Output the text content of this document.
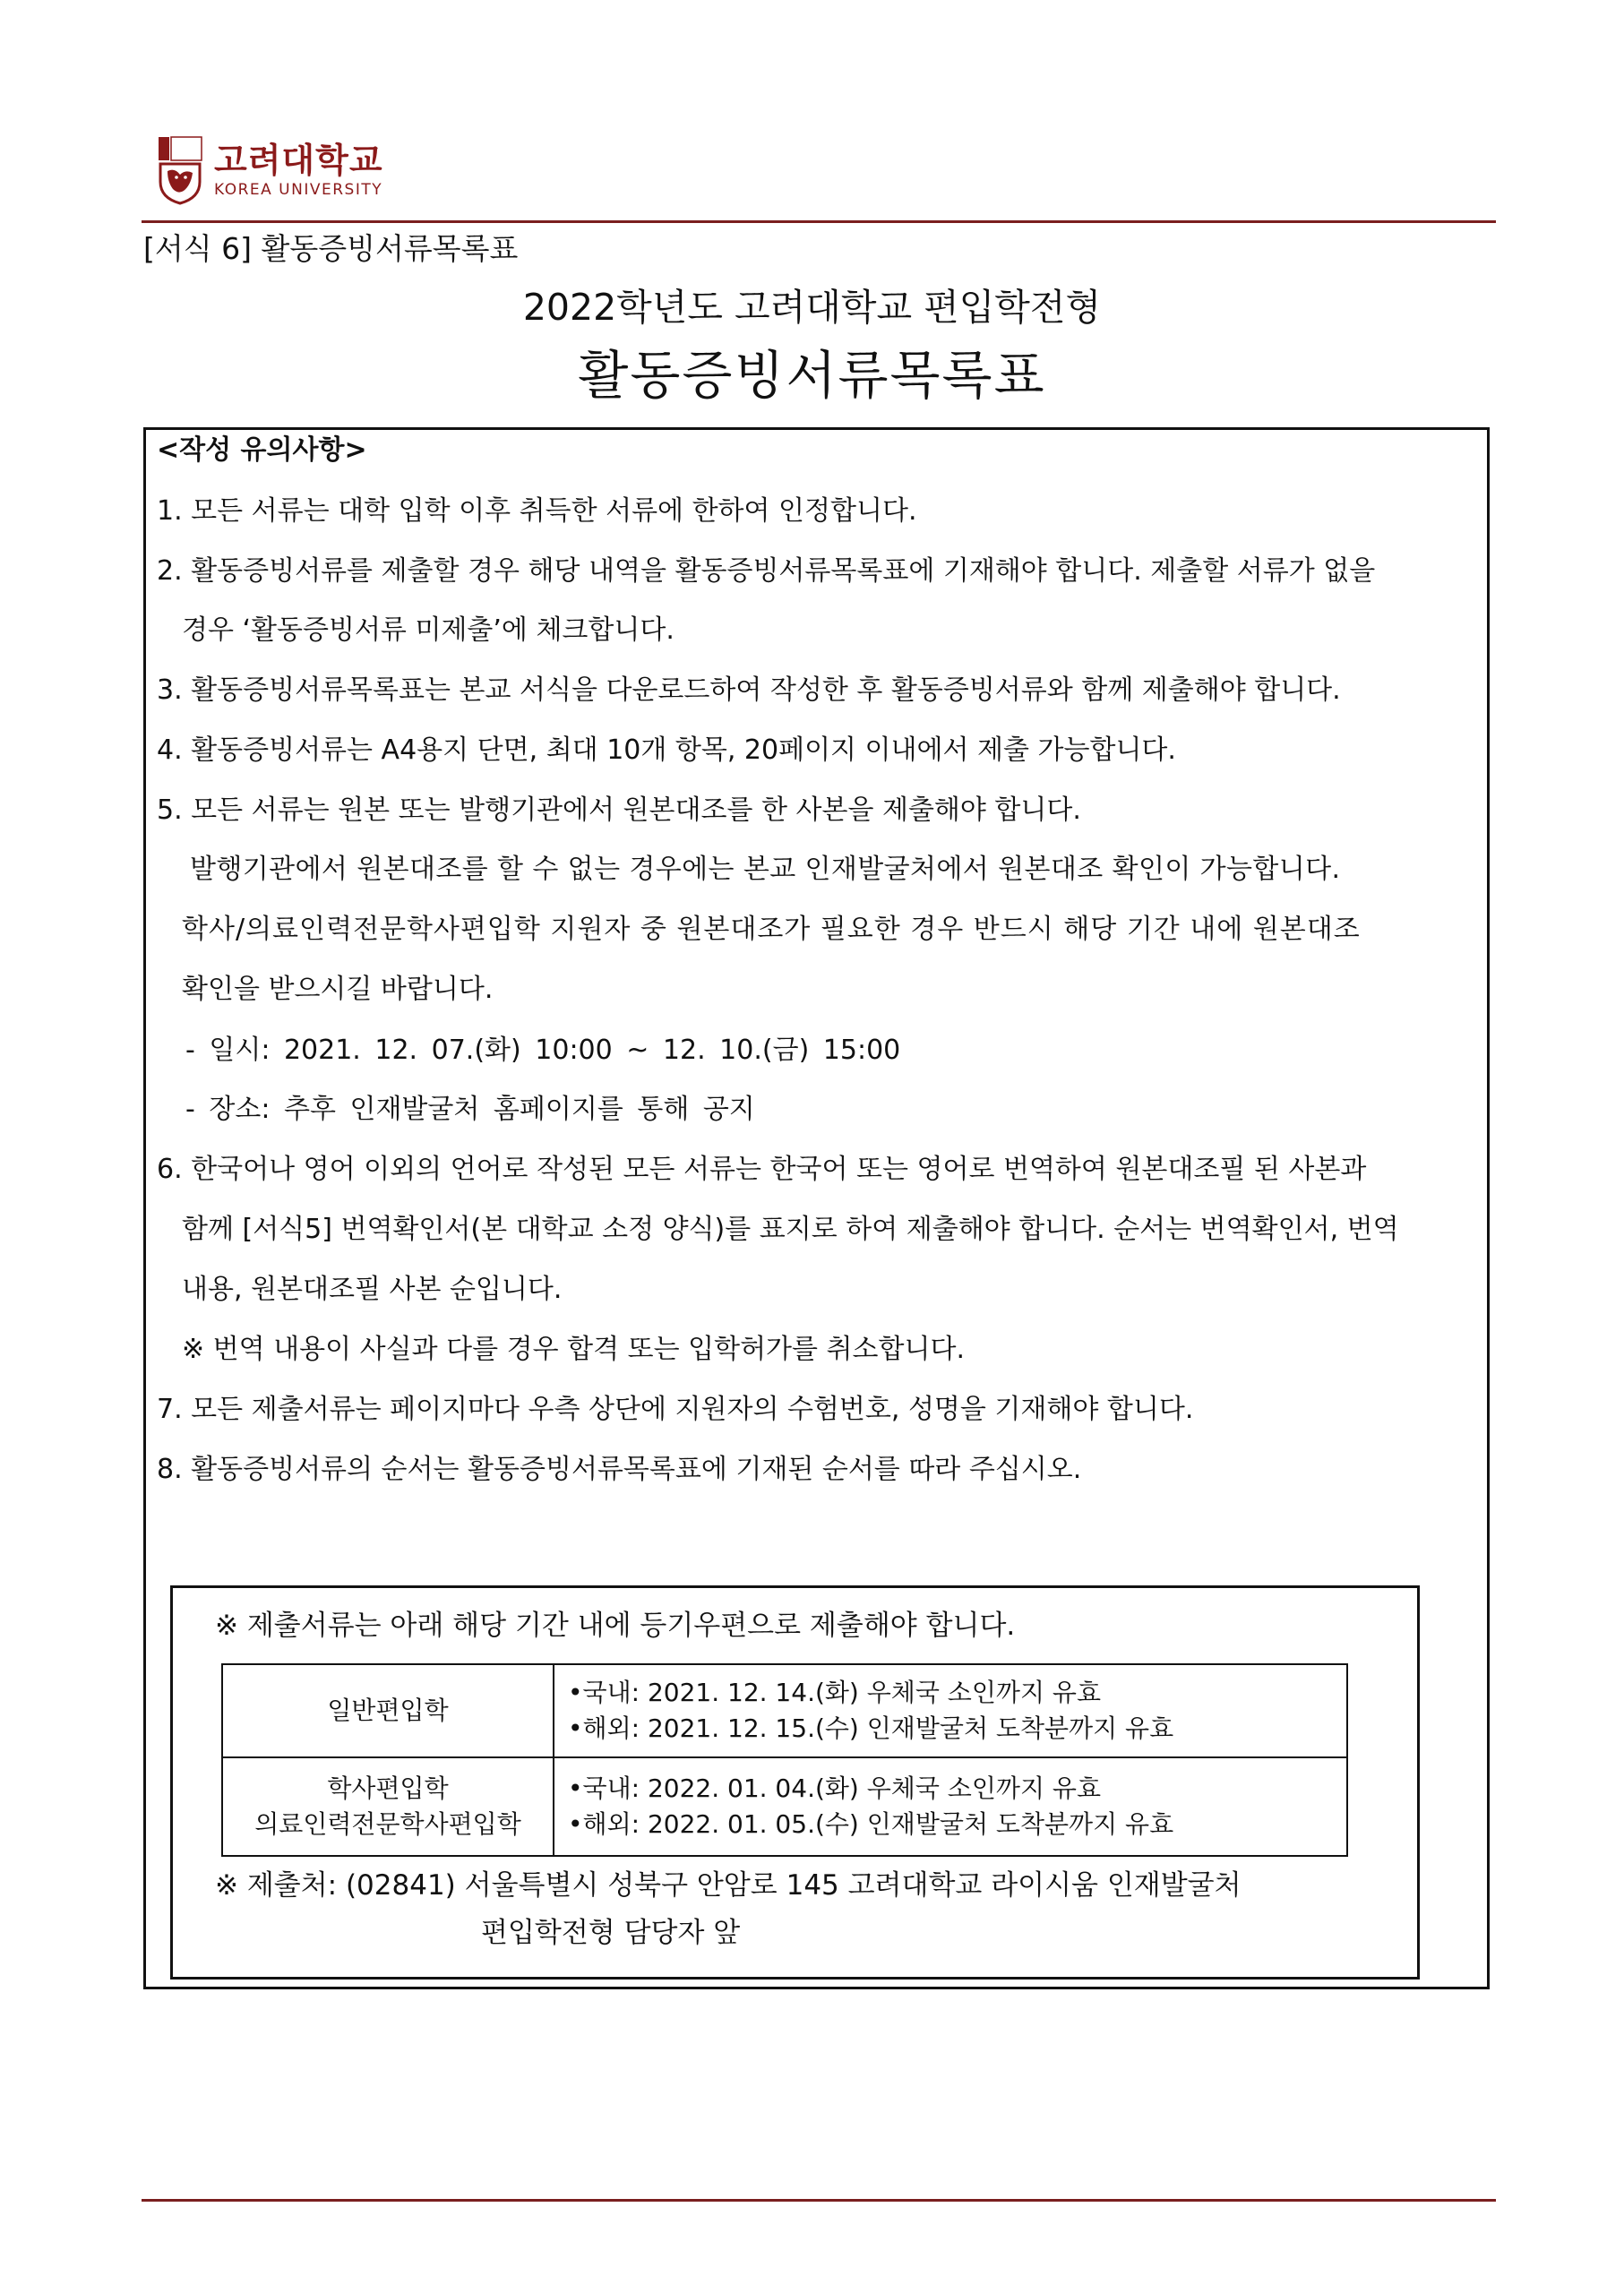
고려대학교
KOREA UNIVERSITY
[서식 6] 활동증빙서류목록표
2022학년도 고려대학교 편입학전형
활동증빙서류목록표
<작성 유의사항>
1. 모든 서류는 대학 입학 이후 취득한 서류에 한하여 인정합니다.
2. 활동증빙서류를 제출할 경우 해당 내역을 활동증빙서류목록표에 기재해야 합니다. 제출할 서류가 없을
경우 ‘활동증빙서류 미제출’에 체크합니다.
3. 활동증빙서류목록표는 본교 서식을 다운로드하여 작성한 후 활동증빙서류와 함께 제출해야 합니다.
4. 활동증빙서류는 A4용지 단면, 최대 10개 항목, 20페이지 이내에서 제출 가능합니다.
5. 모든 서류는 원본 또는 발행기관에서 원본대조를 한 사본을 제출해야 합니다.
발행기관에서 원본대조를 할 수 없는 경우에는 본교 인재발굴처에서 원본대조 확인이 가능합니다.
학사/의료인력전문학사편입학 지원자 중 원본대조가 필요한 경우 반드시 해당 기간 내에 원본대조
확인을 받으시길 바랍니다.
- 일시: 2021. 12. 07.(화) 10:00 ~ 12. 10.(금) 15:00
- 장소: 추후 인재발굴처 홈페이지를 통해 공지
6. 한국어나 영어 이외의 언어로 작성된 모든 서류는 한국어 또는 영어로 번역하여 원본대조필 된 사본과
함께 [서식5] 번역확인서(본 대학교 소정 양식)를 표지로 하여 제출해야 합니다. 순서는 번역확인서, 번역
내용, 원본대조필 사본 순입니다.
※ 번역 내용이 사실과 다를 경우 합격 또는 입학허가를 취소합니다.
7. 모든 제출서류는 페이지마다 우측 상단에 지원자의 수험번호, 성명을 기재해야 합니다.
8. 활동증빙서류의 순서는 활동증빙서류목록표에 기재된 순서를 따라 주십시오.
※ 제출서류는 아래 해당 기간 내에 등기우편으로 제출해야 합니다.
일반편입학	•국내: 2021. 12. 14.(화) 우체국 소인까지 유효
•해외: 2021. 12. 15.(수) 인재발굴처 도착분까지 유효

학사편입학
의료인력전문학사편입학	•국내: 2022. 01. 04.(화) 우체국 소인까지 유효
•해외: 2022. 01. 05.(수) 인재발굴처 도착분까지 유효
※ 제출처: (02841) 서울특별시 성북구 안암로 145 고려대학교 라이시움 인재발굴처
편입학전형 담당자 앞
